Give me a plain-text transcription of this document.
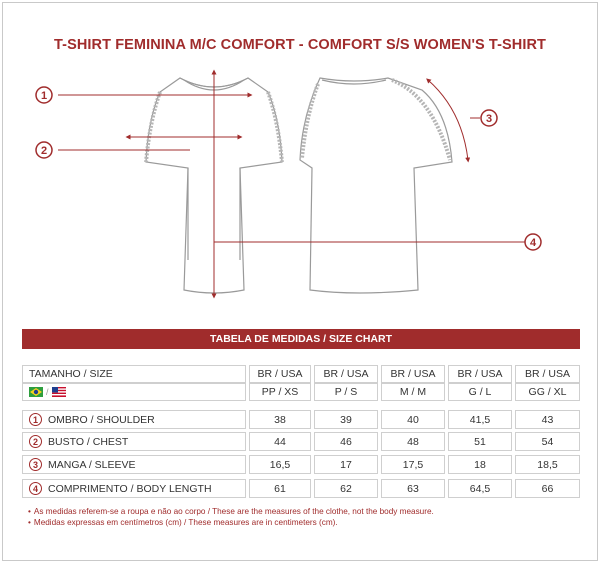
T-SHIRT FEMININA M/C COMFORT - COMFORT S/S WOMEN'S T-SHIRT
1
2
3
4
TABELA DE MEDIDAS / SIZE CHART
TAMANHO / SIZE	BR / USA	BR / USA	BR / USA	BR / USA	BR / USA
/	PP / XS	P / S	M / M	G / L	GG / XL
1 OMBRO / SHOULDER	38	39	40	41,5	43
2 BUSTO / CHEST	44	46	48	51	54
3 MANGA / SLEEVE	16,5	17	17,5	18	18,5
4 COMPRIMENTO / BODY LENGTH	61	62	63	64,5	66
• As medidas referem-se a roupa e não ao corpo / These are the measures of the clothe, not the body measure.
• Medidas expressas em centímetros (cm) / These measures are in centimeters (cm).
